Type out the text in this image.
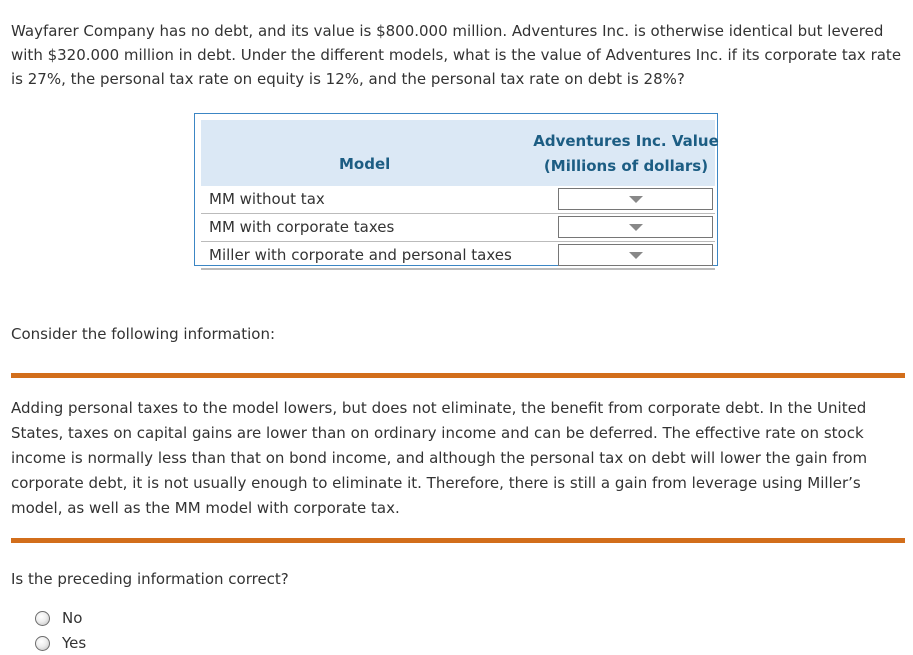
Wayfarer Company has no debt, and its value is $800.000 million. Adventures Inc. is otherwise identical but levered with $320.000 million in debt. Under the different models, what is the value of Adventures Inc. if its corporate tax rate is 27%, the personal tax rate on equity is 12%, and the personal tax rate on debt is 28%?

Model
Adventures Inc. Value
(Millions of dollars)
MM without tax
MM with corporate taxes
Miller with corporate and personal taxes

Consider the following information:

Adding personal taxes to the model lowers, but does not eliminate, the benefit from corporate debt. In the United States, taxes on capital gains are lower than on ordinary income and can be deferred. The effective rate on stock income is normally less than that on bond income, and although the personal tax on debt will lower the gain from corporate debt, it is not usually enough to eliminate it. Therefore, there is still a gain from leverage using Miller’s model, as well as the MM model with corporate tax.

Is the preceding information correct?

No
Yes
